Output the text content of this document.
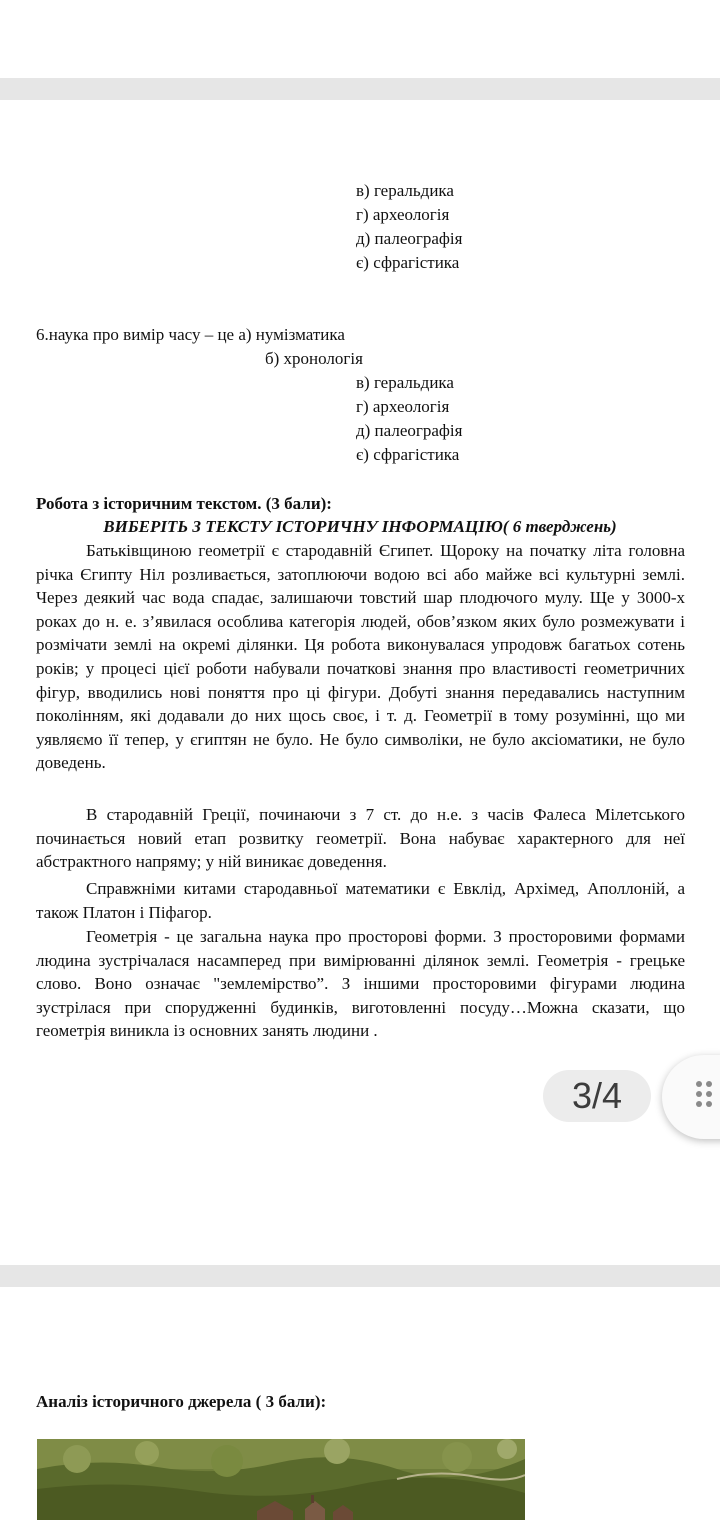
в) геральдика
г) археологія
д) палеографія
є) сфрагістика
6.наука про вимір часу – це а) нумізматика
б) хронологія
в) геральдика
г) археологія
д) палеографія
є) сфрагістика
Робота з історичним текстом. (3 бали):
ВИБЕРІТЬ З ТЕКСТУ ІСТОРИЧНУ ІНФОРМАЦІЮ( 6 тверджень)

Батьківщиною геометрії є стародавній Єгипет. Щороку на початку літа головна річка Єгипту Ніл розливається, затоплюючи водою всі або майже всі культурні землі. Через деякий час вода спадає, залишаючи товстий шар плодючого мулу. Ще у 3000-х роках до н. е. з’явилася особлива категорія людей, обов’язком яких було розмежувати і розмічати землі на окремі ділянки. Ця робота виконувалася упродовж багатьох сотень років; у процесі цієї роботи набували початкові знання про властивості геометричних фігур, вводились нові поняття про ці фігури. Добуті знання передавались наступним поколінням, які додавали до них щось своє, і т. д. Геометрії в тому розумінні, що ми уявляємо її тепер, у єгиптян не було. Не було символіки, не було аксіоматики, не було доведень.

В стародавній Греції, починаючи з 7 ст. до н.е. з часів Фалеса Мілетського починається новий етап розвитку геометрії. Вона набуває характерного для неї абстрактного напряму; у ній виникає доведення.

Справжніми китами стародавньої математики є Евклід, Архімед, Аполлоній, а також Платон і Піфагор.

Геометрія - це загальна наука про просторові форми. З просторовими формами людина зустрічалася насамперед при вимірюванні ділянок землі. Геометрія - грецьке слово. Воно означає "землемірство”. З іншими просторовими фігурами людина зустрілася при спорудженні будинків, виготовленні посуду…Можна сказати, що геометрія виникла із основних занять людини .

3/4
Аналіз історичного джерела ( 3 бали):
